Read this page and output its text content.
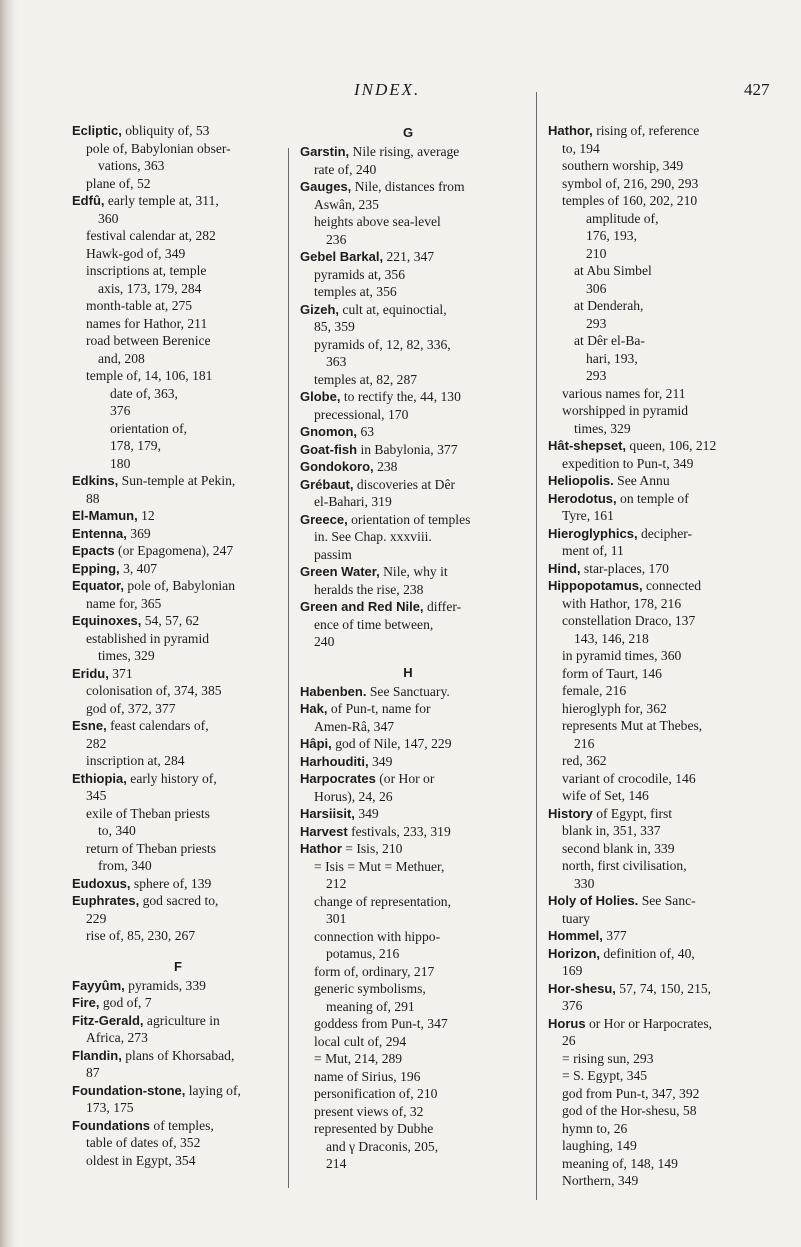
INDEX.	427

Ecliptic, obliquity of, 53

pole of, Babylonian obser-

vations, 363

plane of, 52

Edfû, early temple at, 311,

360

festival calendar at, 282

Hawk-god of, 349

inscriptions at, temple

axis, 173, 179, 284

month-table at, 275

names for Hathor, 211

road between Berenice

and, 208

temple of, 14, 106, 181

date of, 363,

376

orientation of,

178, 179,

180

Edkins, Sun-temple at Pekin,

88

El-Mamun, 12

Entenna, 369

Epacts (or Epagomena), 247

Epping, 3, 407

Equator, pole of, Babylonian

name for, 365

Equinoxes, 54, 57, 62

established in pyramid

times, 329

Eridu, 371

colonisation of, 374, 385

god of, 372, 377

Esne, feast calendars of,

282

inscription at, 284

Ethiopia, early history of,

345

exile of Theban priests

to, 340

return of Theban priests

from, 340

Eudoxus, sphere of, 139

Euphrates, god sacred to,

229

rise of, 85, 230, 267

F

Fayyûm, pyramids, 339

Fire, god of, 7

Fitz-Gerald, agriculture in

Africa, 273

Flandin, plans of Khorsabad,

87

Foundation-stone, laying of,

173, 175

Foundations of temples,

table of dates of, 352

oldest in Egypt, 354

G

Garstin, Nile rising, average

rate of, 240

Gauges, Nile, distances from

Aswân, 235

heights above sea-level

236

Gebel Barkal, 221, 347

pyramids at, 356

temples at, 356

Gizeh, cult at, equinoctial,

85, 359

pyramids of, 12, 82, 336,

363

temples at, 82, 287

Globe, to rectify the, 44, 130

precessional, 170

Gnomon, 63

Goat-fish in Babylonia, 377

Gondokoro, 238

Grébaut, discoveries at Dêr

el-Bahari, 319

Greece, orientation of temples

in. See Chap. xxxviii.

passim

Green Water, Nile, why it

heralds the rise, 238

Green and Red Nile, differ-

ence of time between,

240

H

Habenben. See Sanctuary.

Hak, of Pun-t, name for

Amen-Râ, 347

Hâpi, god of Nile, 147, 229

Harhouditi, 349

Harpocrates (or Hor or

Horus), 24, 26

Harsiisit, 349

Harvest festivals, 233, 319

Hathor = Isis, 210

= Isis = Mut = Methuer,

212

change of representation,

301

connection with hippo-

potamus, 216

form of, ordinary, 217

generic symbolisms,

meaning of, 291

goddess from Pun-t, 347

local cult of, 294

= Mut, 214, 289

name of Sirius, 196

personification of, 210

present views of, 32

represented by Dubhe

and γ Draconis, 205,

214

Hathor, rising of, reference

to, 194

southern worship, 349

symbol of, 216, 290, 293

temples of 160, 202, 210

amplitude of,

176, 193,

210

at Abu Simbel

306

at Denderah,

293

at Dêr el-Ba-

hari, 193,

293

various names for, 211

worshipped in pyramid

times, 329

Hât-shepset, queen, 106, 212

expedition to Pun-t, 349

Heliopolis. See Annu

Herodotus, on temple of

Tyre, 161

Hieroglyphics, decipher-

ment of, 11

Hind, star-places, 170

Hippopotamus, connected

with Hathor, 178, 216

constellation Draco, 137

143, 146, 218

in pyramid times, 360

form of Taurt, 146

female, 216

hieroglyph for, 362

represents Mut at Thebes,

216

red, 362

variant of crocodile, 146

wife of Set, 146

History of Egypt, first

blank in, 351, 337

second blank in, 339

north, first civilisation,

330

Holy of Holies. See Sanc-

tuary

Hommel, 377

Horizon, definition of, 40,

169

Hor-shesu, 57, 74, 150, 215,

376

Horus or Hor or Harpocrates,

26

= rising sun, 293

= S. Egypt, 345

god from Pun-t, 347, 392

god of the Hor-shesu, 58

hymn to, 26

laughing, 149

meaning of, 148, 149

Northern, 349
